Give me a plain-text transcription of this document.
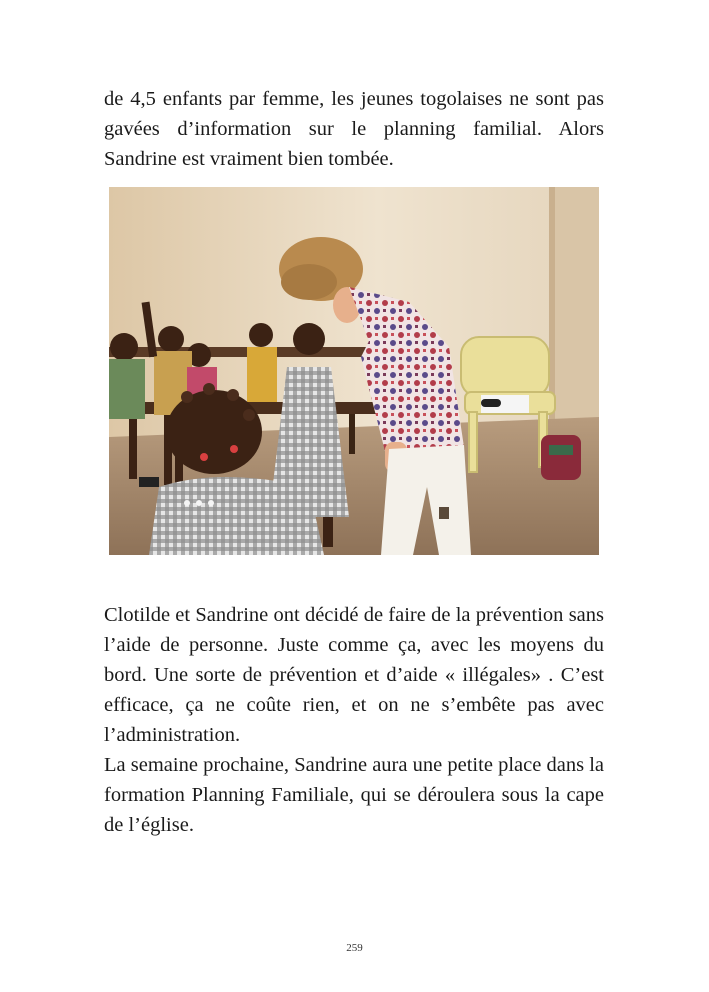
de 4,5 enfants par femme, les jeunes togolaises ne sont pas gavées d’information sur le planning familial. Alors Sandrine est vraiment bien tombée.

Clotilde et Sandrine ont décidé de faire de la prévention sans l’aide de personne. Juste comme ça, avec les moyens du bord. Une sorte de prévention et d’aide « illégales» . C’est efficace, ça ne coûte rien, et on ne s’embête pas avec l’administration.

La semaine prochaine, Sandrine aura une petite place dans la formation Planning Familiale, qui se déroulera sous la cape de l’église.

259
